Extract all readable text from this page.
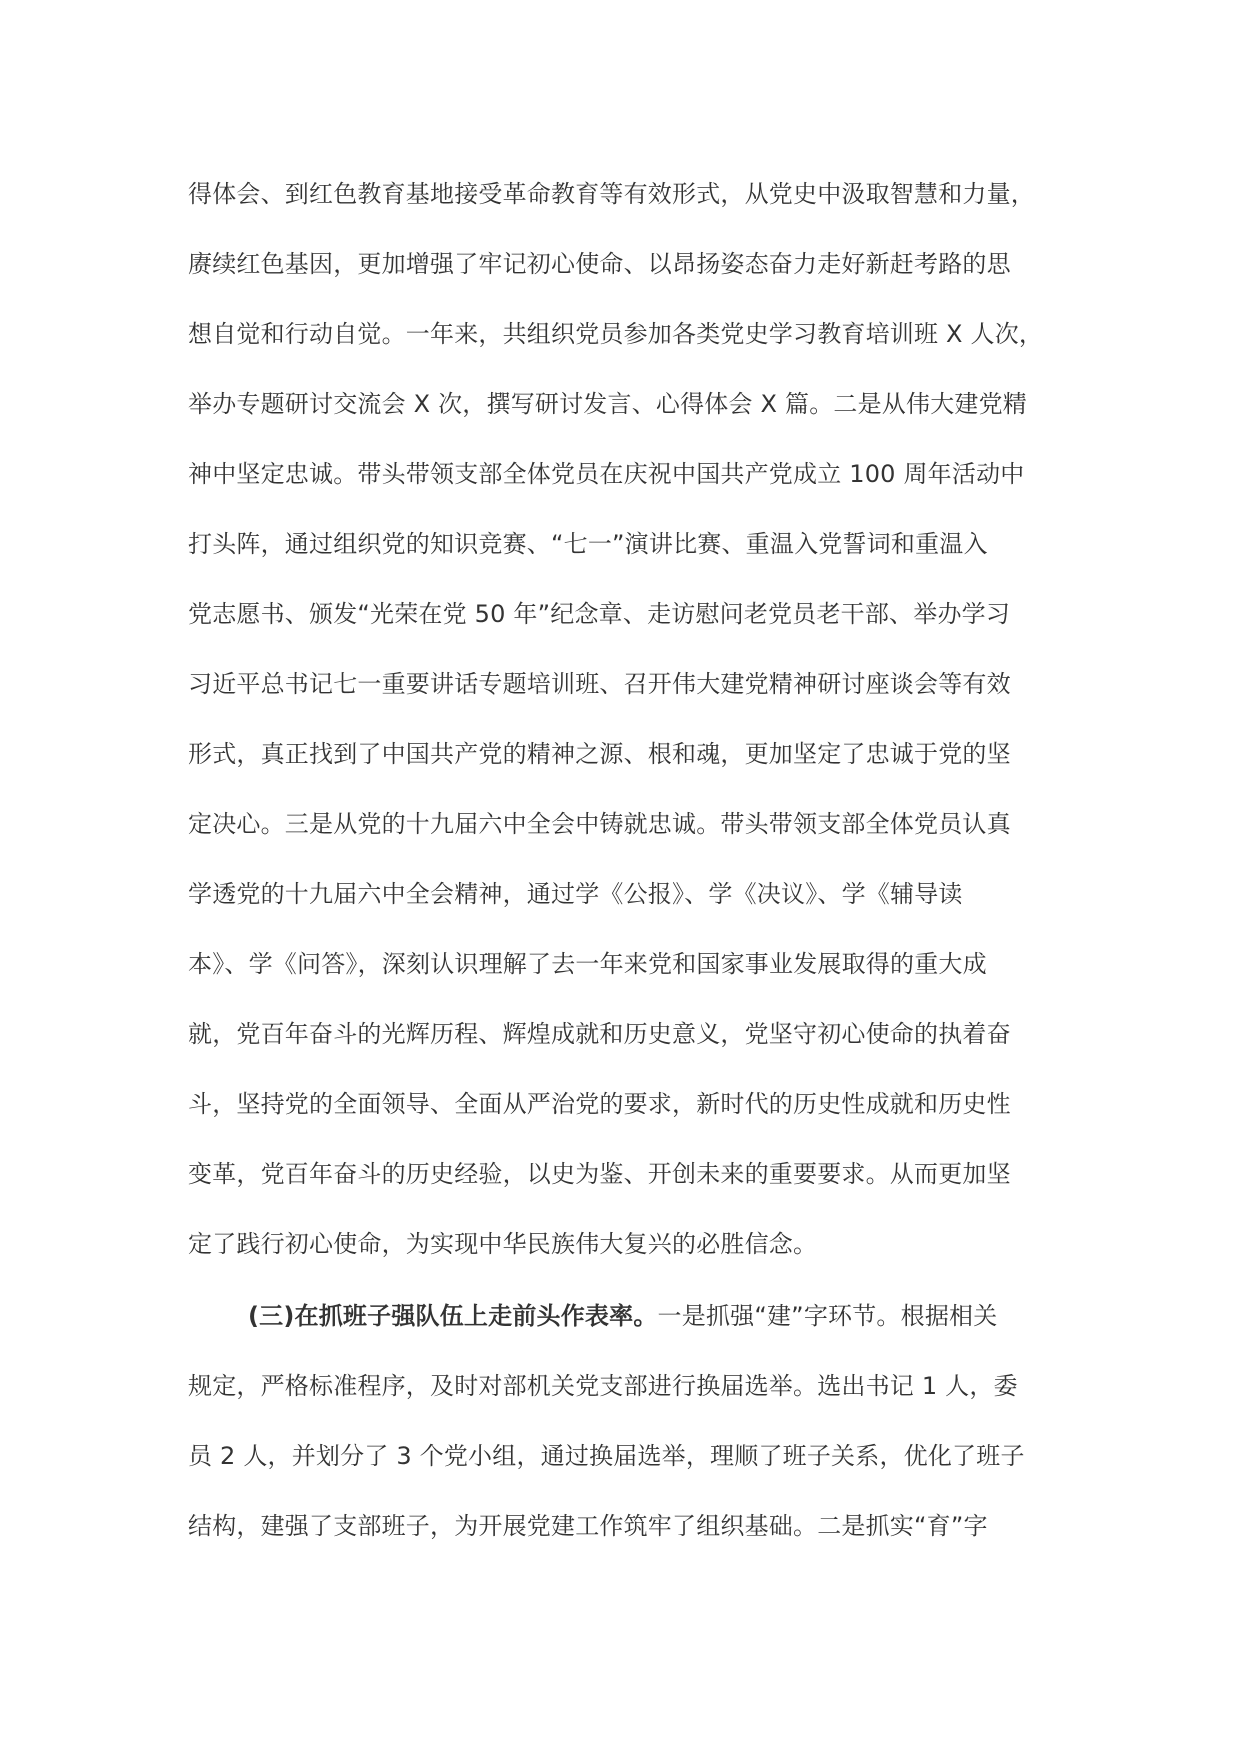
得体会、到红色教育基地接受革命教育等有效形式，从党史中汲取智慧和力量，
赓续红色基因，更加增强了牢记初心使命、以昂扬姿态奋力走好新赶考路的思
想自觉和行动自觉。一年来，共组织党员参加各类党史学习教育培训班 X 人次，
举办专题研讨交流会 X 次，撰写研讨发言、心得体会 X 篇。二是从伟大建党精
神中坚定忠诚。带头带领支部全体党员在庆祝中国共产党成立 100 周年活动中
打头阵，通过组织党的知识竞赛、“七一”演讲比赛、重温入党誓词和重温入
党志愿书、颁发“光荣在党 50 年”纪念章、走访慰问老党员老干部、举办学习
习近平总书记七一重要讲话专题培训班、召开伟大建党精神研讨座谈会等有效
形式，真正找到了中国共产党的精神之源、根和魂，更加坚定了忠诚于党的坚
定决心。三是从党的十九届六中全会中铸就忠诚。带头带领支部全体党员认真
学透党的十九届六中全会精神，通过学《公报》、学《决议》、学《辅导读
本》、学《问答》，深刻认识理解了去一年来党和国家事业发展取得的重大成
就，党百年奋斗的光辉历程、辉煌成就和历史意义，党坚守初心使命的执着奋
斗，坚持党的全面领导、全面从严治党的要求，新时代的历史性成就和历史性
变革，党百年奋斗的历史经验，以史为鉴、开创未来的重要要求。从而更加坚
定了践行初心使命，为实现中华民族伟大复兴的必胜信念。
(三)在抓班子强队伍上走前头作表率。一是抓强“建”字环节。根据相关
规定，严格标准程序，及时对部机关党支部进行换届选举。选出书记 1 人，委
员 2 人，并划分了 3 个党小组，通过换届选举，理顺了班子关系，优化了班子
结构，建强了支部班子，为开展党建工作筑牢了组织基础。二是抓实“育”字
